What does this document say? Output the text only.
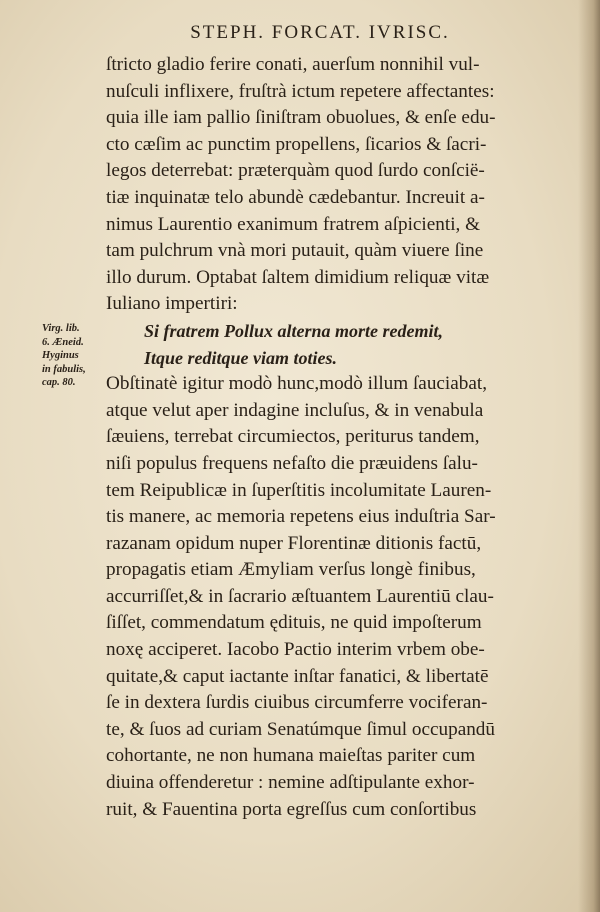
STEPH. FORCAT. IVRISC.
ſtricto gladio ferire conati, auerſum nonnihil vul-
nuſculi inflixere, fruſtrà ictum repetere affectantes:
quia ille iam pallio ſiniſtram obuolues, & enſe edu-
cto cæſim ac punctim propellens, ſicarios & ſacri-
legos deterrebat: præterquàm quod ſurdo conſcië-
tiæ inquinatæ telo abundè cædebantur. Increuit a-
nimus Laurentio exanimum fratrem aſpicienti, &
tam pulchrum vnà mori putauit, quàm viuere ſine
illo durum. Optabat ſaltem dimidium reliquæ vitæ
Iuliano impertiri:
Si fratrem Pollux alterna morte redemit,
Itque reditque viam toties.
Obſtinatè igitur modò hunc,modò illum ſauciabat,
atque velut aper indagine incluſus, & in venabula
ſæuiens, terrebat circumiectos, periturus tandem,
niſi populus frequens nefaſto die præuidens ſalu-
tem Reipublicæ in ſuperſtitis incolumitate Lauren-
tis manere, ac memoria repetens eius induſtria Sar-
razanam opidum nuper Florentinæ ditionis factū,
propagatis etiam Æmyliam verſus longè finibus,
accurriſſet,& in ſacrario æſtuantem Laurentiū clau-
ſiſſet, commendatum ędituis, ne quid impoſterum
noxę acciperet. Iacobo Pactio interim vrbem obe-
quitate,& caput iactante inſtar fanatici, & libertatē
ſe in dextera ſurdis ciuibus circumferre vociferan-
te, & ſuos ad curiam Senatúmque ſimul occupandū
cohortante, ne non humana maieſtas pariter cum
diuina offenderetur : nemine adſtipulante exhor-
ruit, & Fauentina porta egreſſus cum conſortibus
Virg. lib.
6. Æneid.
Hyginus
in fabulis,
cap. 80.
